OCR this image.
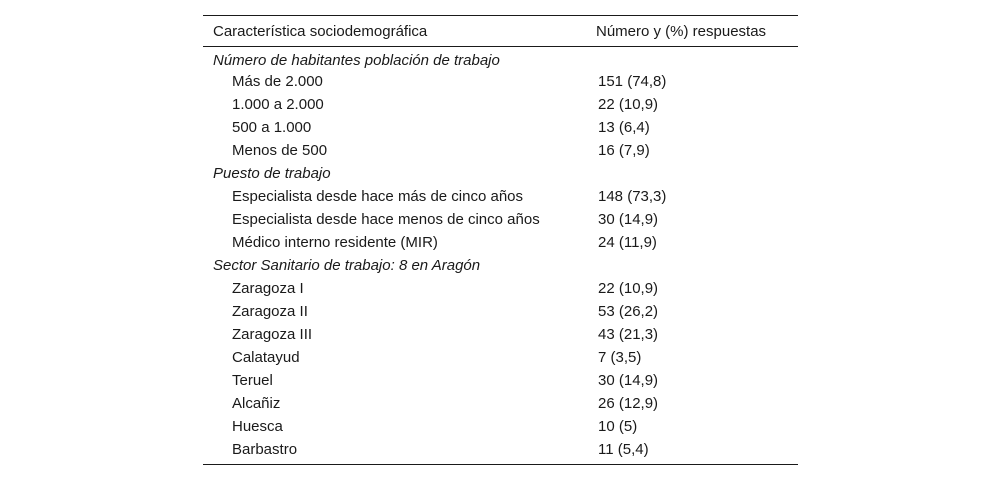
Característica sociodemográfica	Número y (%) respuestas
Número de habitantes población de trabajo	
Más de 2.000	151 (74,8)
1.000 a 2.000	22 (10,9)
500 a 1.000	13 (6,4)
Menos de 500	16 (7,9)
Puesto de trabajo	
Especialista desde hace más de cinco años	148 (73,3)
Especialista desde hace menos de cinco años	30 (14,9)
Médico interno residente (MIR)	24 (11,9)
Sector Sanitario de trabajo: 8 en Aragón	
Zaragoza I	22 (10,9)
Zaragoza II	53 (26,2)
Zaragoza III	43 (21,3)
Calatayud	7 (3,5)
Teruel	30 (14,9)
Alcañiz	26 (12,9)
Huesca	10 (5)
Barbastro	11 (5,4)
